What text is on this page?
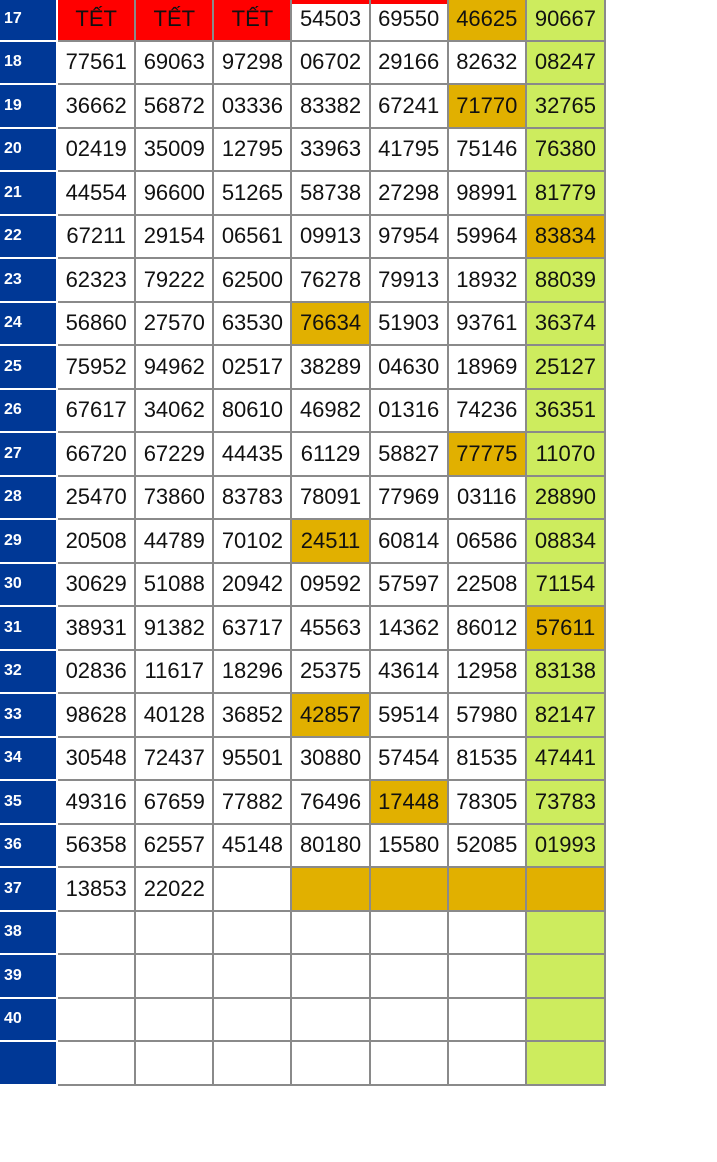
17	TẾT	TẾT	TẾT	54503	69550	46625	90667
18	77561	69063	97298	06702	29166	82632	08247
19	36662	56872	03336	83382	67241	71770	32765
20	02419	35009	12795	33963	41795	75146	76380
21	44554	96600	51265	58738	27298	98991	81779
22	67211	29154	06561	09913	97954	59964	83834
23	62323	79222	62500	76278	79913	18932	88039
24	56860	27570	63530	76634	51903	93761	36374
25	75952	94962	02517	38289	04630	18969	25127
26	67617	34062	80610	46982	01316	74236	36351
27	66720	67229	44435	61129	58827	77775	11070
28	25470	73860	83783	78091	77969	03116	28890
29	20508	44789	70102	24511	60814	06586	08834
30	30629	51088	20942	09592	57597	22508	71154
31	38931	91382	63717	45563	14362	86012	57611
32	02836	11617	18296	25375	43614	12958	83138
33	98628	40128	36852	42857	59514	57980	82147
34	30548	72437	95501	30880	57454	81535	47441
35	49316	67659	77882	76496	17448	78305	73783
36	56358	62557	45148	80180	15580	52085	01993
37	13853	22022					
38							
39							
40							
